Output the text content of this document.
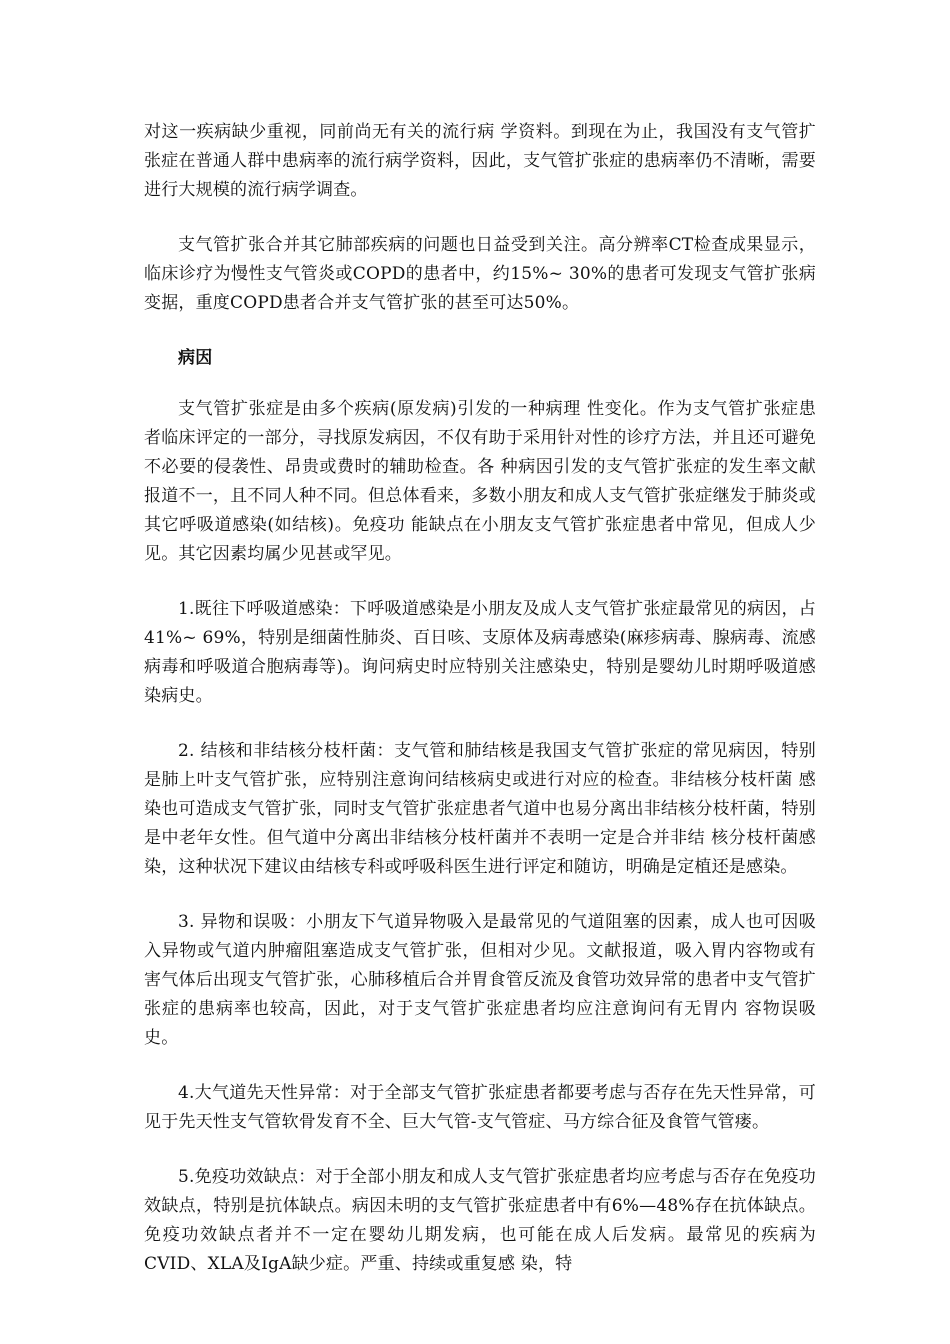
对这一疾病缺少重视，同前尚无有关的流行病 学资料。到现在为止，我国没有支气管扩张症在普通人群中患病率的流行病学资料，因此，支气管扩张症的患病率仍不清晰，需要进行大规模的流行病学调查。

支气管扩张合并其它肺部疾病的问题也日益受到关注。高分辨率CT检查成果显示，临床诊疗为慢性支气管炎或COPD的患者中，约15%~ 30%的患者可发现支气管扩张病变据，重度COPD患者合并支气管扩张的甚至可达50%。

病因

支气管扩张症是由多个疾病(原发病)引发的一种病理 性变化。作为支气管扩张症患者临床评定的一部分，寻找原发病因，不仅有助于采用针对性的诊疗方法，并且还可避免不必要的侵袭性、昂贵或费时的辅助检查。各 种病因引发的支气管扩张症的发生率文献报道不一，且不同人种不同。但总体看来，多数小朋友和成人支气管扩张症继发于肺炎或其它呼吸道感染(如结核)。免疫功 能缺点在小朋友支气管扩张症患者中常见，但成人少见。其它因素均属少见甚或罕见。

1.既往下呼吸道感染：下呼吸道感染是小朋友及成人支气管扩张症最常见的病因，占41%~ 69%，特别是细菌性肺炎、百日咳、支原体及病毒感染(麻疹病毒、腺病毒、流感病毒和呼吸道合胞病毒等)。询问病史时应特别关注感染史，特别是婴幼儿时期呼吸道感染病史。

2. 结核和非结核分枝杆菌：支气管和肺结核是我国支气管扩张症的常见病因，特别是肺上叶支气管扩张，应特别注意询问结核病史或进行对应的检查。非结核分枝杆菌 感染也可造成支气管扩张，同时支气管扩张症患者气道中也易分离出非结核分枝杆菌，特别是中老年女性。但气道中分离出非结核分枝杆菌并不表明一定是合并非结 核分枝杆菌感染，这种状况下建议由结核专科或呼吸科医生进行评定和随访，明确是定植还是感染。

3. 异物和误吸：小朋友下气道异物吸入是最常见的气道阻塞的因素，成人也可因吸入异物或气道内肿瘤阻塞造成支气管扩张，但相对少见。文献报道，吸入胃内容物或有 害气体后出现支气管扩张，心肺移植后合并胃食管反流及食管功效异常的患者中支气管扩张症的患病率也较高，因此，对于支气管扩张症患者均应注意询问有无胃内 容物误吸史。

4.大气道先天性异常：对于全部支气管扩张症患者都要考虑与否存在先天性异常，可见于先天性支气管软骨发育不全、巨大气管-支气管症、马方综合征及食管气管瘘。

5.免疫功效缺点：对于全部小朋友和成人支气管扩张症患者均应考虑与否存在免疫功效缺点，特别是抗体缺点。病因未明的支气管扩张症患者中有6%—48%存在抗体缺点。免疫功效缺点者并不一定在婴幼儿期发病，也可能在成人后发病。最常见的疾病为CVID、XLA及IgA缺少症。严重、持续或重复感 染，特
